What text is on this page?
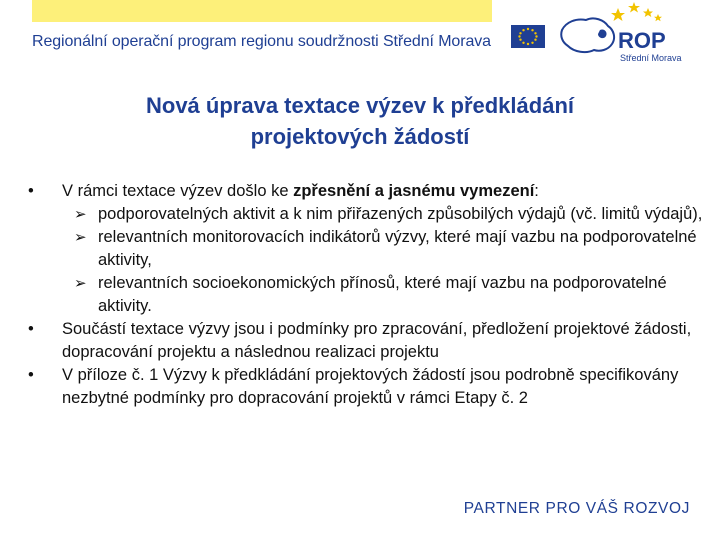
Regionální operační program regionu soudržnosti Střední Morava	ROP
Střední Morava
Nová úprava textace výzev k předkládání
projektových žádostí
•	V rámci textace výzev došlo ke zpřesnění a jasnému vymezení:
➢ podporovatelných aktivit a k nim přiřazených způsobilých výdajů (vč. limitů výdajů),
➢ relevantních monitorovacích indikátorů výzvy, které mají vazbu na podporovatelné aktivity,
➢ relevantních socioekonomických přínosů, které mají vazbu na podporovatelné aktivity.
•	Součástí textace výzvy jsou i podmínky pro zpracování, předložení projektové žádosti, dopracování projektu a následnou realizaci projektu
•	V příloze č. 1 Výzvy k předkládání projektových žádostí jsou podrobně specifikovány nezbytné podmínky pro dopracování projektů v rámci Etapy č. 2
PARTNER PRO VÁŠ ROZVOJ
